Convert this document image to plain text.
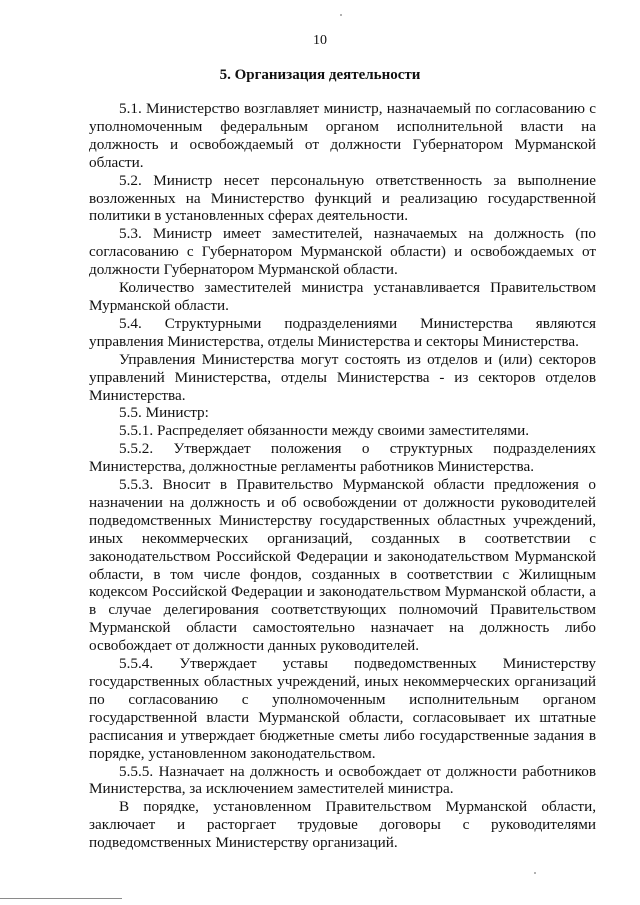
10
5. Организация деятельности

5.1. Министерство возглавляет министр, назначаемый по согласованию с уполномоченным федеральным органом исполнительной власти на должность и освобождаемый от должности Губернатором Мурманской области.

5.2. Министр несет персональную ответственность за выполнение возложенных на Министерство функций и реализацию государственной политики в установленных сферах деятельности.

5.3. Министр имеет заместителей, назначаемых на должность (по согласованию с Губернатором Мурманской области) и освобождаемых от должности Губернатором Мурманской области.

Количество заместителей министра устанавливается Правительством Мурманской области.

5.4. Структурными подразделениями Министерства являются управления Министерства, отделы Министерства и секторы Министерства.

Управления Министерства могут состоять из отделов и (или) секторов управлений Министерства, отделы Министерства - из секторов отделов Министерства.

5.5. Министр:

5.5.1. Распределяет обязанности между своими заместителями.

5.5.2. Утверждает положения о структурных подразделениях Министерства, должностные регламенты работников Министерства.

5.5.3. Вносит в Правительство Мурманской области предложения о назначении на должность и об освобождении от должности руководителей подведомственных Министерству государственных областных учреждений, иных некоммерческих организаций, созданных в соответствии с законодательством Российской Федерации и законодательством Мурманской области, в том числе фондов, созданных в соответствии с Жилищным кодексом Российской Федерации и законодательством Мурманской области, а в случае делегирования соответствующих полномочий Правительством Мурманской области самостоятельно назначает на должность либо освобождает от должности данных руководителей.

5.5.4. Утверждает уставы подведомственных Министерству государственных областных учреждений, иных некоммерческих организаций по согласованию с уполномоченным исполнительным органом государственной власти Мурманской области, согласовывает их штатные расписания и утверждает бюджетные сметы либо государственные задания в порядке, установленном законодательством.

5.5.5. Назначает на должность и освобождает от должности работников Министерства, за исключением заместителей министра.

В порядке, установленном Правительством Мурманской области, заключает и расторгает трудовые договоры с руководителями подведомственных Министерству организаций.
